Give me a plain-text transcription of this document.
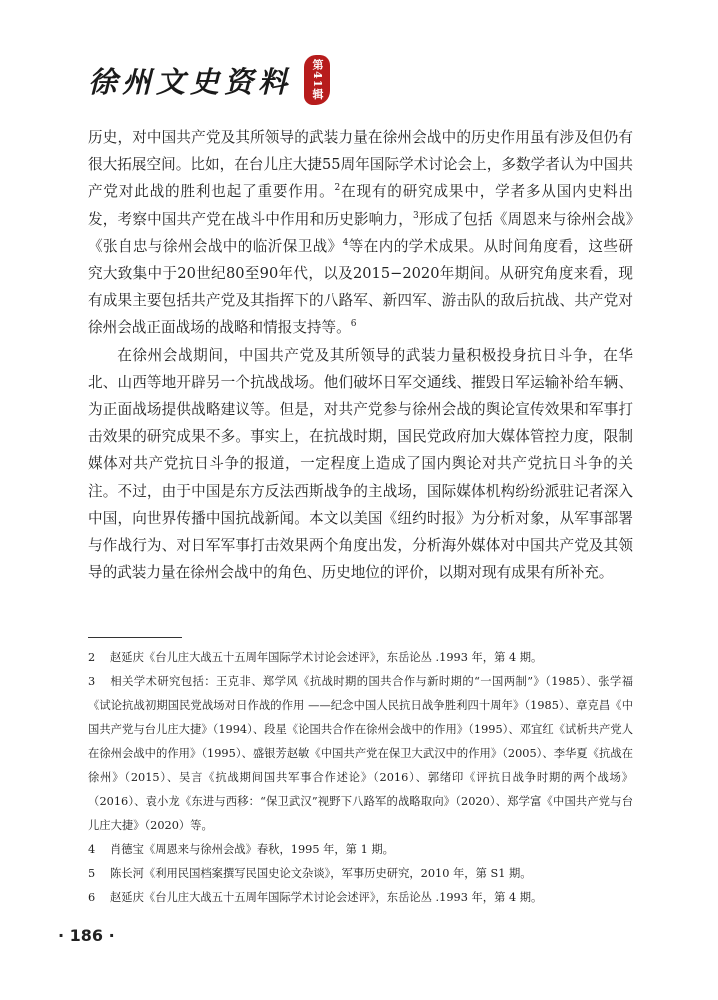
徐州文史资料	第41辑

历史，对中国共产党及其所领导的武装力量在徐州会战中的历史作用虽有涉及但仍有很大拓展空间。比如，在台儿庄大捷55周年国际学术讨论会上，多数学者认为中国共产党对此战的胜利也起了重要作用。$^2$在现有的研究成果中，学者多从国内史料出发，考察中国共产党在战斗中作用和历史影响力，$^3$形成了包括《周恩来与徐州会战》《张自忠与徐州会战中的临沂保卫战》$^4$等在内的学术成果。从时间角度看，这些研究大致集中于20世纪80至90年代，以及2015−2020年期间。从研究角度来看，现有成果主要包括共产党及其指挥下的八路军、新四军、游击队的敌后抗战、共产党对徐州会战正面战场的战略和情报支持等。$^6$

在徐州会战期间，中国共产党及其所领导的武装力量积极投身抗日斗争，在华北、山西等地开辟另一个抗战战场。他们破坏日军交通线、摧毁日军运输补给车辆、为正面战场提供战略建议等。但是，对共产党参与徐州会战的舆论宣传效果和军事打击效果的研究成果不多。事实上，在抗战时期，国民党政府加大媒体管控力度，限制媒体对共产党抗日斗争的报道，一定程度上造成了国内舆论对共产党抗日斗争的关注。不过，由于中国是东方反法西斯战争的主战场，国际媒体机构纷纷派驻记者深入中国，向世界传播中国抗战新闻。本文以美国《纽约时报》为分析对象，从军事部署与作战行为、对日军军事打击效果两个角度出发，分析海外媒体对中国共产党及其领导的武装力量在徐州会战中的角色、历史地位的评价，以期对现有成果有所补充。

2 赵延庆《台儿庄大战五十五周年国际学术讨论会述评》，东岳论丛 .1993 年，第 4 期。

3 相关学术研究包括：王克非、郑学风《抗战时期的国共合作与新时期的“一国两制”》（1985）、张学福《试论抗战初期国民党战场对日作战的作用 ——纪念中国人民抗日战争胜利四十周年》（1985）、章克昌《中国共产党与台儿庄大捷》（1994）、段星《论国共合作在徐州会战中的作用》（1995）、邓宜红《试析共产党人在徐州会战中的作用》（1995）、盛银芳赵敏《中国共产党在保卫大武汉中的作用》（2005）、李华夏《抗战在徐州》（2015）、吴言《抗战期间国共军事合作述论》（2016）、郭绪印《评抗日战争时期的两个战场》（2016）、袁小龙《东进与西移：“保卫武汉”视野下八路军的战略取向》（2020）、郑学富《中国共产党与台儿庄大捷》（2020）等。

4 肖德宝《周恩来与徐州会战》春秋，1995 年，第 1 期。

5 陈长河《利用民国档案撰写民国史论文杂谈》，军事历史研究，2010 年，第 S1 期。

6 赵延庆《台儿庄大战五十五周年国际学术讨论会述评》，东岳论丛 .1993 年，第 4 期。

· 186 ·
